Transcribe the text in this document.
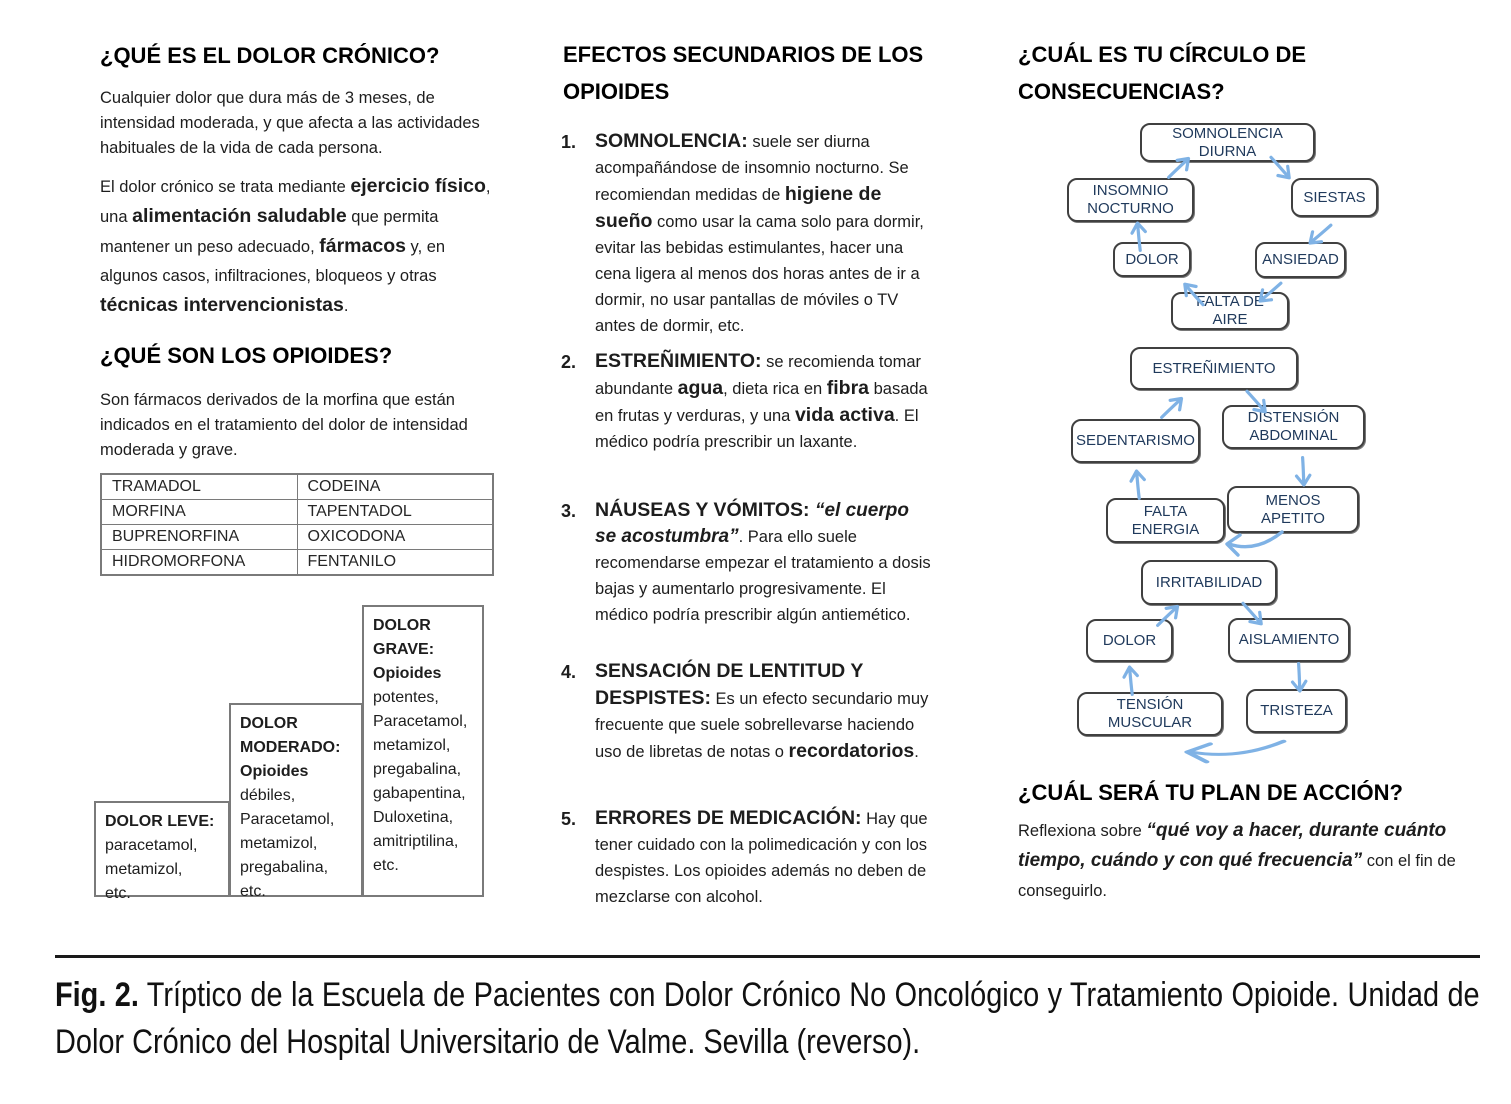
¿QUÉ ES EL DOLOR CRÓNICO?

Cualquier dolor que dura más de 3 meses, de intensidad moderada, y que afecta a las actividades habituales de la vida de cada persona.

El dolor crónico se trata mediante ejercicio físico, una alimentación saludable que permita mantener un peso adecuado, fármacos y, en algunos casos, infiltraciones, bloqueos y otras técnicas intervencionistas.

¿QUÉ SON LOS OPIOIDES?

Son fármacos derivados de la morfina que están indicados en el tratamiento del dolor de intensidad moderada y grave.

TRAMADOL	CODEINA
MORFINA	TAPENTADOL
BUPRENORFINA	OXICODONA
HIDROMORFONA	FENTANILO
DOLOR LEVE:
paracetamol,
metamizol,
etc.
DOLOR MODERADO:
Opioides
débiles,
Paracetamol,
metamizol,
pregabalina,
etc.
DOLOR GRAVE:
Opioides
potentes,
Paracetamol,
metamizol,
pregabalina,
gabapentina,
Duloxetina,
amitriptilina,
etc.
EFECTOS SECUNDARIOS DE LOS OPIOIDES
1. SOMNOLENCIA: suele ser diurna acompañándose de insomnio nocturno. Se recomiendan medidas de higiene de sueño como usar la cama solo para dormir, evitar las bebidas estimulantes, hacer una cena ligera al menos dos horas antes de ir a dormir, no usar pantallas de móviles o TV antes de dormir, etc.
2. ESTREÑIMIENTO: se recomienda tomar abundante agua, dieta rica en fibra basada en frutas y verduras, y una vida activa. El médico podría prescribir un laxante.
3. NÁUSEAS Y VÓMITOS: “el cuerpo se acostumbra”. Para ello suele recomendarse empezar el tratamiento a dosis bajas y aumentarlo progresivamente. El médico podría prescribir algún antiemético.
4. SENSACIÓN DE LENTITUD Y DESPISTES: Es un efecto secundario muy frecuente que suele sobrellevarse haciendo uso de libretas de notas o recordatorios.
5. ERRORES DE MEDICACIÓN: Hay que tener cuidado con la polimedicación y con los despistes. Los opioides además no deben de mezclarse con alcohol.
¿CUÁL ES TU CÍRCULO DE CONSECUENCIAS?
SOMNOLENCIA DIURNA
INSOMNIO NOCTURNO
SIESTAS
DOLOR	ANSIEDAD
FALTA DE AIRE
ESTREÑIMIENTO
DISTENSIÓN ABDOMINAL
SEDENTARISMO
MENOS APETITO
FALTA ENERGIA
IRRITABILIDAD
DOLOR	AISLAMIENTO
TENSIÓN MUSCULAR
TRISTEZA
¿CUÁL SERÁ TU PLAN DE ACCIÓN?

Reflexiona sobre “qué voy a hacer, durante cuánto tiempo, cuándo y con qué frecuencia” con el fin de conseguirlo.

Fig. 2. Tríptico de la Escuela de Pacientes con Dolor Crónico No Oncológico y Tratamiento Opioide. Unidad de Dolor Crónico del Hospital Universitario de Valme. Sevilla (reverso).
